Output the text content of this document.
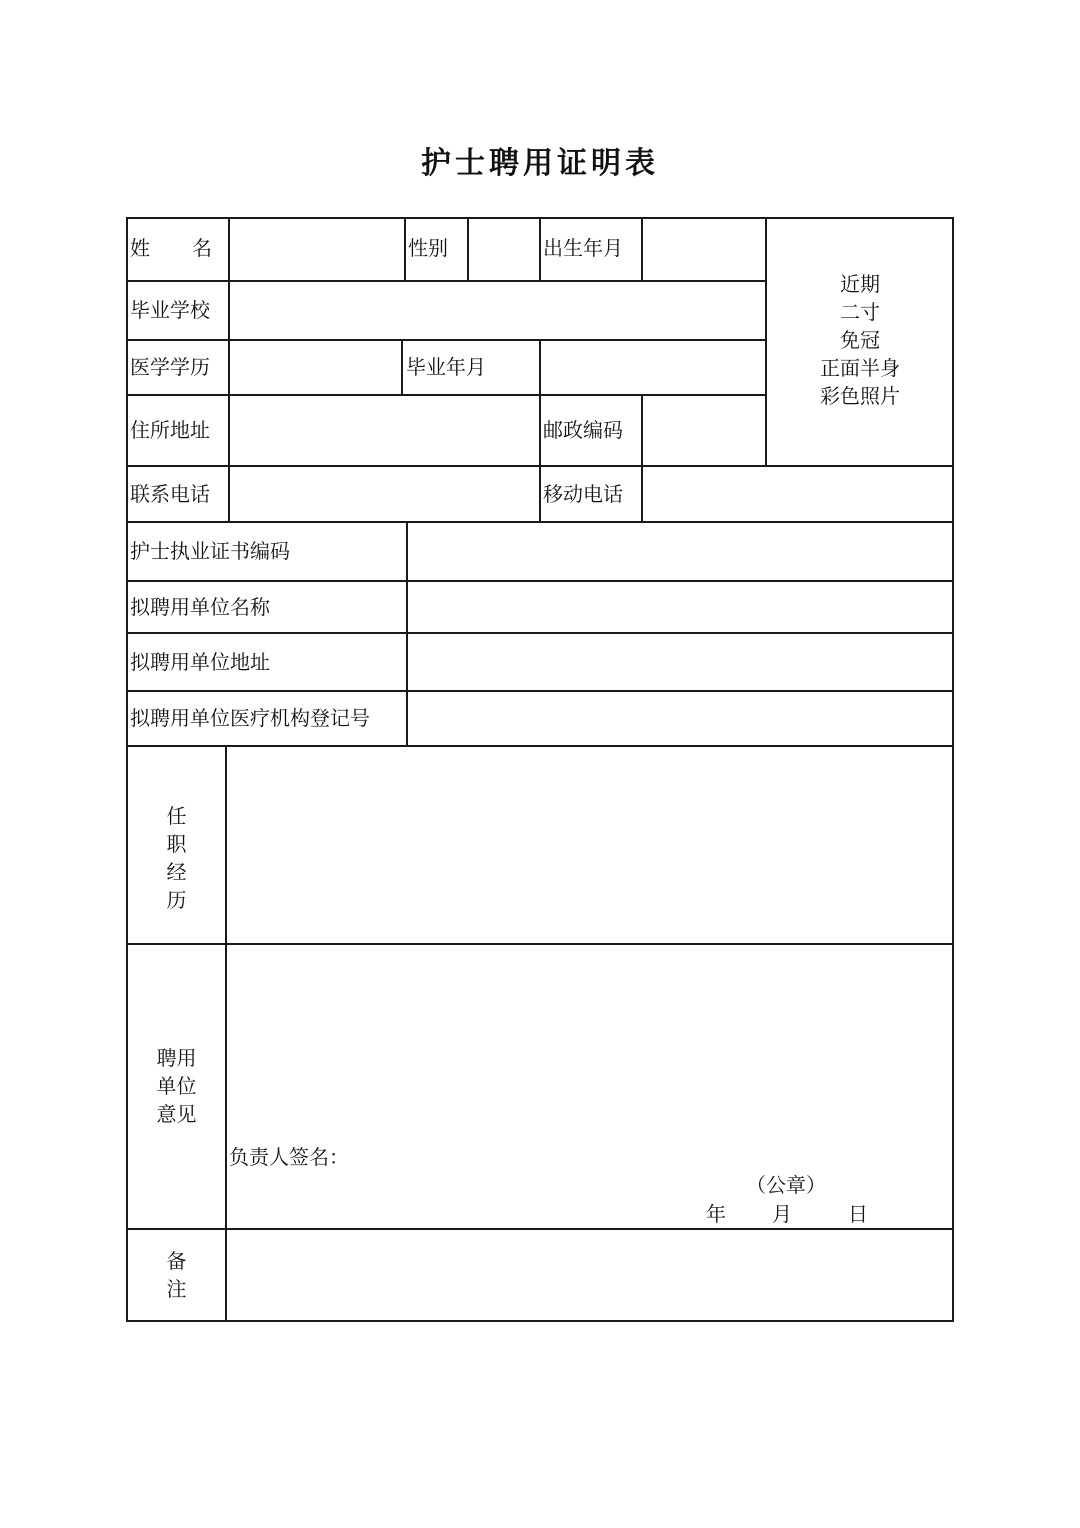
护士聘用证明表
姓 名	性别	出生年月
毕业学校
医学学历	毕业年月
住所地址	邮政编码
联系电话	移动电话
护士执业证书编码
拟聘用单位名称
拟聘用单位地址
拟聘用单位医疗机构登记号
近期
二寸
免冠
正面半身
彩色照片
任
职
经
历
聘用
单位
意见
负责人签名：
（公章）
年 月	日
备
注
